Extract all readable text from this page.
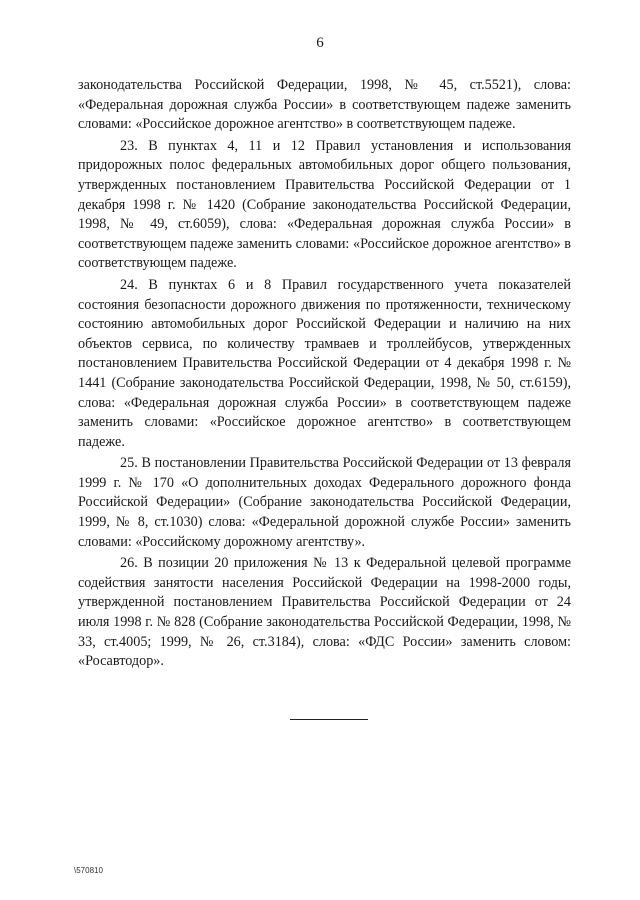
6

законодательства Российской Федерации, 1998, № 45, ст.5521), слова: «Федеральная дорожная служба России» в соответствующем падеже заменить словами: «Российское дорожное агентство» в соответствующем падеже.

23. В пунктах 4, 11 и 12 Правил установления и использования придорожных полос федеральных автомобильных дорог общего пользования, утвержденных постановлением Правительства Российской Федерации от 1 декабря 1998 г. № 1420 (Собрание законодательства Российской Федерации, 1998, № 49, ст.6059), слова: «Федеральная дорожная служба России» в соответствующем падеже заменить словами: «Российское дорожное агентство» в соответствующем падеже.

24. В пунктах 6 и 8 Правил государственного учета показателей состояния безопасности дорожного движения по протяженности, техническому состоянию автомобильных дорог Российской Федерации и наличию на них объектов сервиса, по количеству трамваев и троллейбусов, утвержденных постановлением Правительства Российской Федерации от 4 декабря 1998 г. № 1441 (Собрание законодательства Российской Федерации, 1998, № 50, ст.6159), слова: «Федеральная дорожная служба России» в соответствующем падеже заменить словами: «Российское дорожное агентство» в соответствующем падеже.

25. В постановлении Правительства Российской Федерации от 13 февраля 1999 г. № 170 «О дополнительных доходах Федерального дорожного фонда Российской Федерации» (Собрание законодательства Российской Федерации, 1999, № 8, ст.1030) слова: «Федеральной дорожной службе России» заменить словами: «Российскому дорожному агентству».

26. В позиции 20 приложения № 13 к Федеральной целевой программе содействия занятости населения Российской Федерации на 1998-2000 годы, утвержденной постановлением Правительства Российской Федерации от 24 июля 1998 г. № 828 (Собрание законодательства Российской Федерации, 1998, № 33, ст.4005; 1999, № 26, ст.3184), слова: «ФДС России» заменить словом: «Росавтодор».

\570810
